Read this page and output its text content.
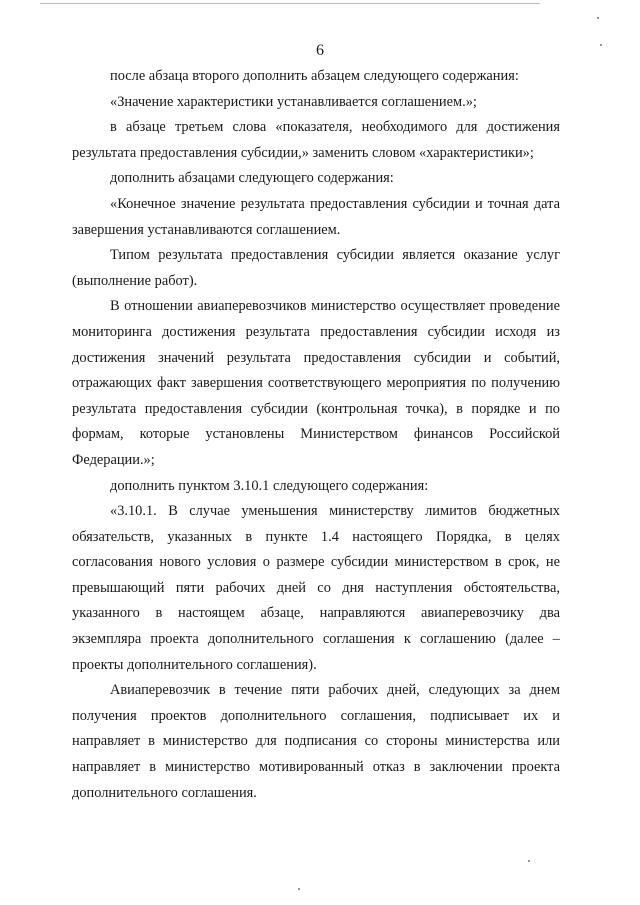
6

после абзаца второго дополнить абзацем следующего содержания:

«Значение характеристики устанавливается соглашением.»;

в абзаце третьем слова «показателя, необходимого для достижения результата предоставления субсидии,» заменить словом «характеристики»;

дополнить абзацами следующего содержания:

«Конечное значение результата предоставления субсидии и точная дата завершения устанавливаются соглашением.

Типом результата предоставления субсидии является оказание услуг (выполнение работ).

В отношении авиаперевозчиков министерство осуществляет проведение мониторинга достижения результата предоставления субсидии исходя из достижения значений результата предоставления субсидии и событий, отражающих факт завершения соответствующего мероприятия по получению результата предоставления субсидии (контрольная точка), в порядке и по формам, которые установлены Министерством финансов Российской Федерации.»;

дополнить пунктом 3.10.1 следующего содержания:

«3.10.1. В случае уменьшения министерству лимитов бюджетных обязательств, указанных в пункте 1.4 настоящего Порядка, в целях согласования нового условия о размере субсидии министерством в срок, не превышающий пяти рабочих дней со дня наступления обстоятельства, указанного в настоящем абзаце, направляются авиаперевозчику два экземпляра проекта дополнительного соглашения к соглашению (далее – проекты дополнительного соглашения).

Авиаперевозчик в течение пяти рабочих дней, следующих за днем получения проектов дополнительного соглашения, подписывает их и направляет в министерство для подписания со стороны министерства или направляет в министерство мотивированный отказ в заключении проекта дополнительного соглашения.
